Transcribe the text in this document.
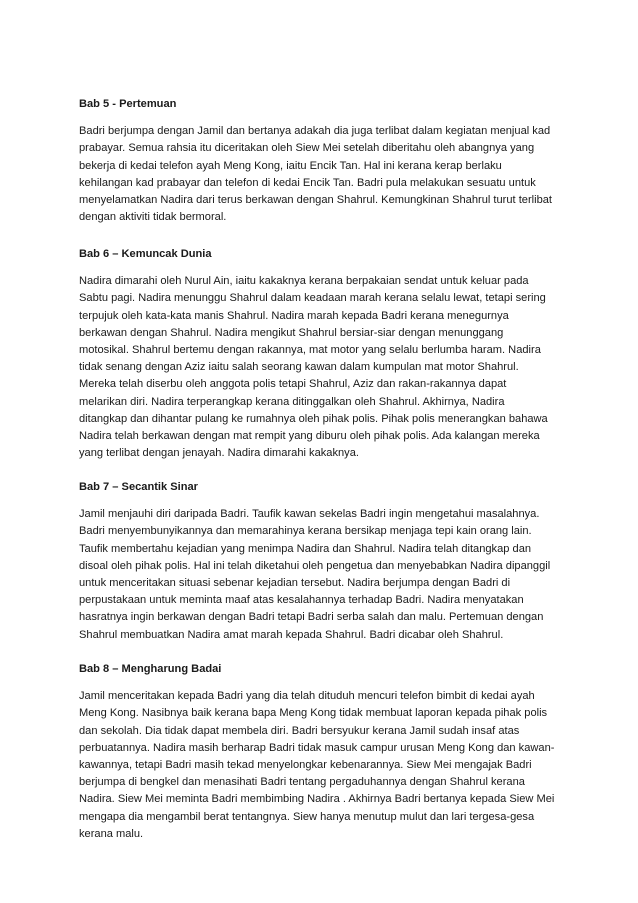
Bab 5 - Pertemuan
Badri berjumpa dengan Jamil dan bertanya adakah dia juga terlibat dalam kegiatan menjual kad
prabayar. Semua rahsia itu diceritakan oleh Siew Mei setelah diberitahu oleh abangnya yang
bekerja di kedai telefon ayah Meng Kong, iaitu Encik Tan. Hal ini kerana kerap berlaku
kehilangan kad prabayar dan telefon di kedai Encik Tan. Badri pula melakukan sesuatu untuk
menyelamatkan Nadira dari terus berkawan dengan Shahrul. Kemungkinan Shahrul turut terlibat
dengan aktiviti tidak bermoral.
Bab 6 – Kemuncak Dunia
Nadira dimarahi oleh Nurul Ain, iaitu kakaknya kerana berpakaian sendat untuk keluar pada
Sabtu pagi. Nadira menunggu Shahrul dalam keadaan marah kerana selalu lewat, tetapi sering
terpujuk oleh kata-kata manis Shahrul. Nadira marah kepada Badri kerana menegurnya
berkawan dengan Shahrul. Nadira mengikut Shahrul bersiar-siar dengan menunggang
motosikal. Shahrul bertemu dengan rakannya, mat motor yang selalu berlumba haram. Nadira
tidak senang dengan Aziz iaitu salah seorang kawan dalam kumpulan mat motor Shahrul.
Mereka telah diserbu oleh anggota polis tetapi Shahrul, Aziz dan rakan-rakannya dapat
melarikan diri. Nadira terperangkap kerana ditinggalkan oleh Shahrul. Akhirnya, Nadira
ditangkap dan dihantar pulang ke rumahnya oleh pihak polis. Pihak polis menerangkan bahawa
Nadira telah berkawan dengan mat rempit yang diburu oleh pihak polis. Ada kalangan mereka
yang terlibat dengan jenayah. Nadira dimarahi kakaknya.
Bab 7 – Secantik Sinar
Jamil menjauhi diri daripada Badri. Taufik kawan sekelas Badri ingin mengetahui masalahnya.
Badri menyembunyikannya dan memarahinya kerana bersikap menjaga tepi kain orang lain.
Taufik membertahu kejadian yang menimpa Nadira dan Shahrul. Nadira telah ditangkap dan
disoal oleh pihak polis. Hal ini telah diketahui oleh pengetua dan menyebabkan Nadira dipanggil
untuk menceritakan situasi sebenar kejadian tersebut. Nadira berjumpa dengan Badri di
perpustakaan untuk meminta maaf atas kesalahannya terhadap Badri. Nadira menyatakan
hasratnya ingin berkawan dengan Badri tetapi Badri serba salah dan malu. Pertemuan dengan
Shahrul membuatkan Nadira amat marah kepada Shahrul. Badri dicabar oleh Shahrul.
Bab 8 – Mengharung Badai
Jamil menceritakan kepada Badri yang dia telah dituduh mencuri telefon bimbit di kedai ayah
Meng Kong. Nasibnya baik kerana bapa Meng Kong tidak membuat laporan kepada pihak polis
dan sekolah. Dia tidak dapat membela diri. Badri bersyukur kerana Jamil sudah insaf atas
perbuatannya. Nadira masih berharap Badri tidak masuk campur urusan Meng Kong dan kawan-
kawannya, tetapi Badri masih tekad menyelongkar kebenarannya. Siew Mei mengajak Badri
berjumpa di bengkel dan menasihati Badri tentang pergaduhannya dengan Shahrul kerana
Nadira. Siew Mei meminta Badri membimbing Nadira . Akhirnya Badri bertanya kepada Siew Mei
mengapa dia mengambil berat tentangnya. Siew hanya menutup mulut dan lari tergesa-gesa
kerana malu.
